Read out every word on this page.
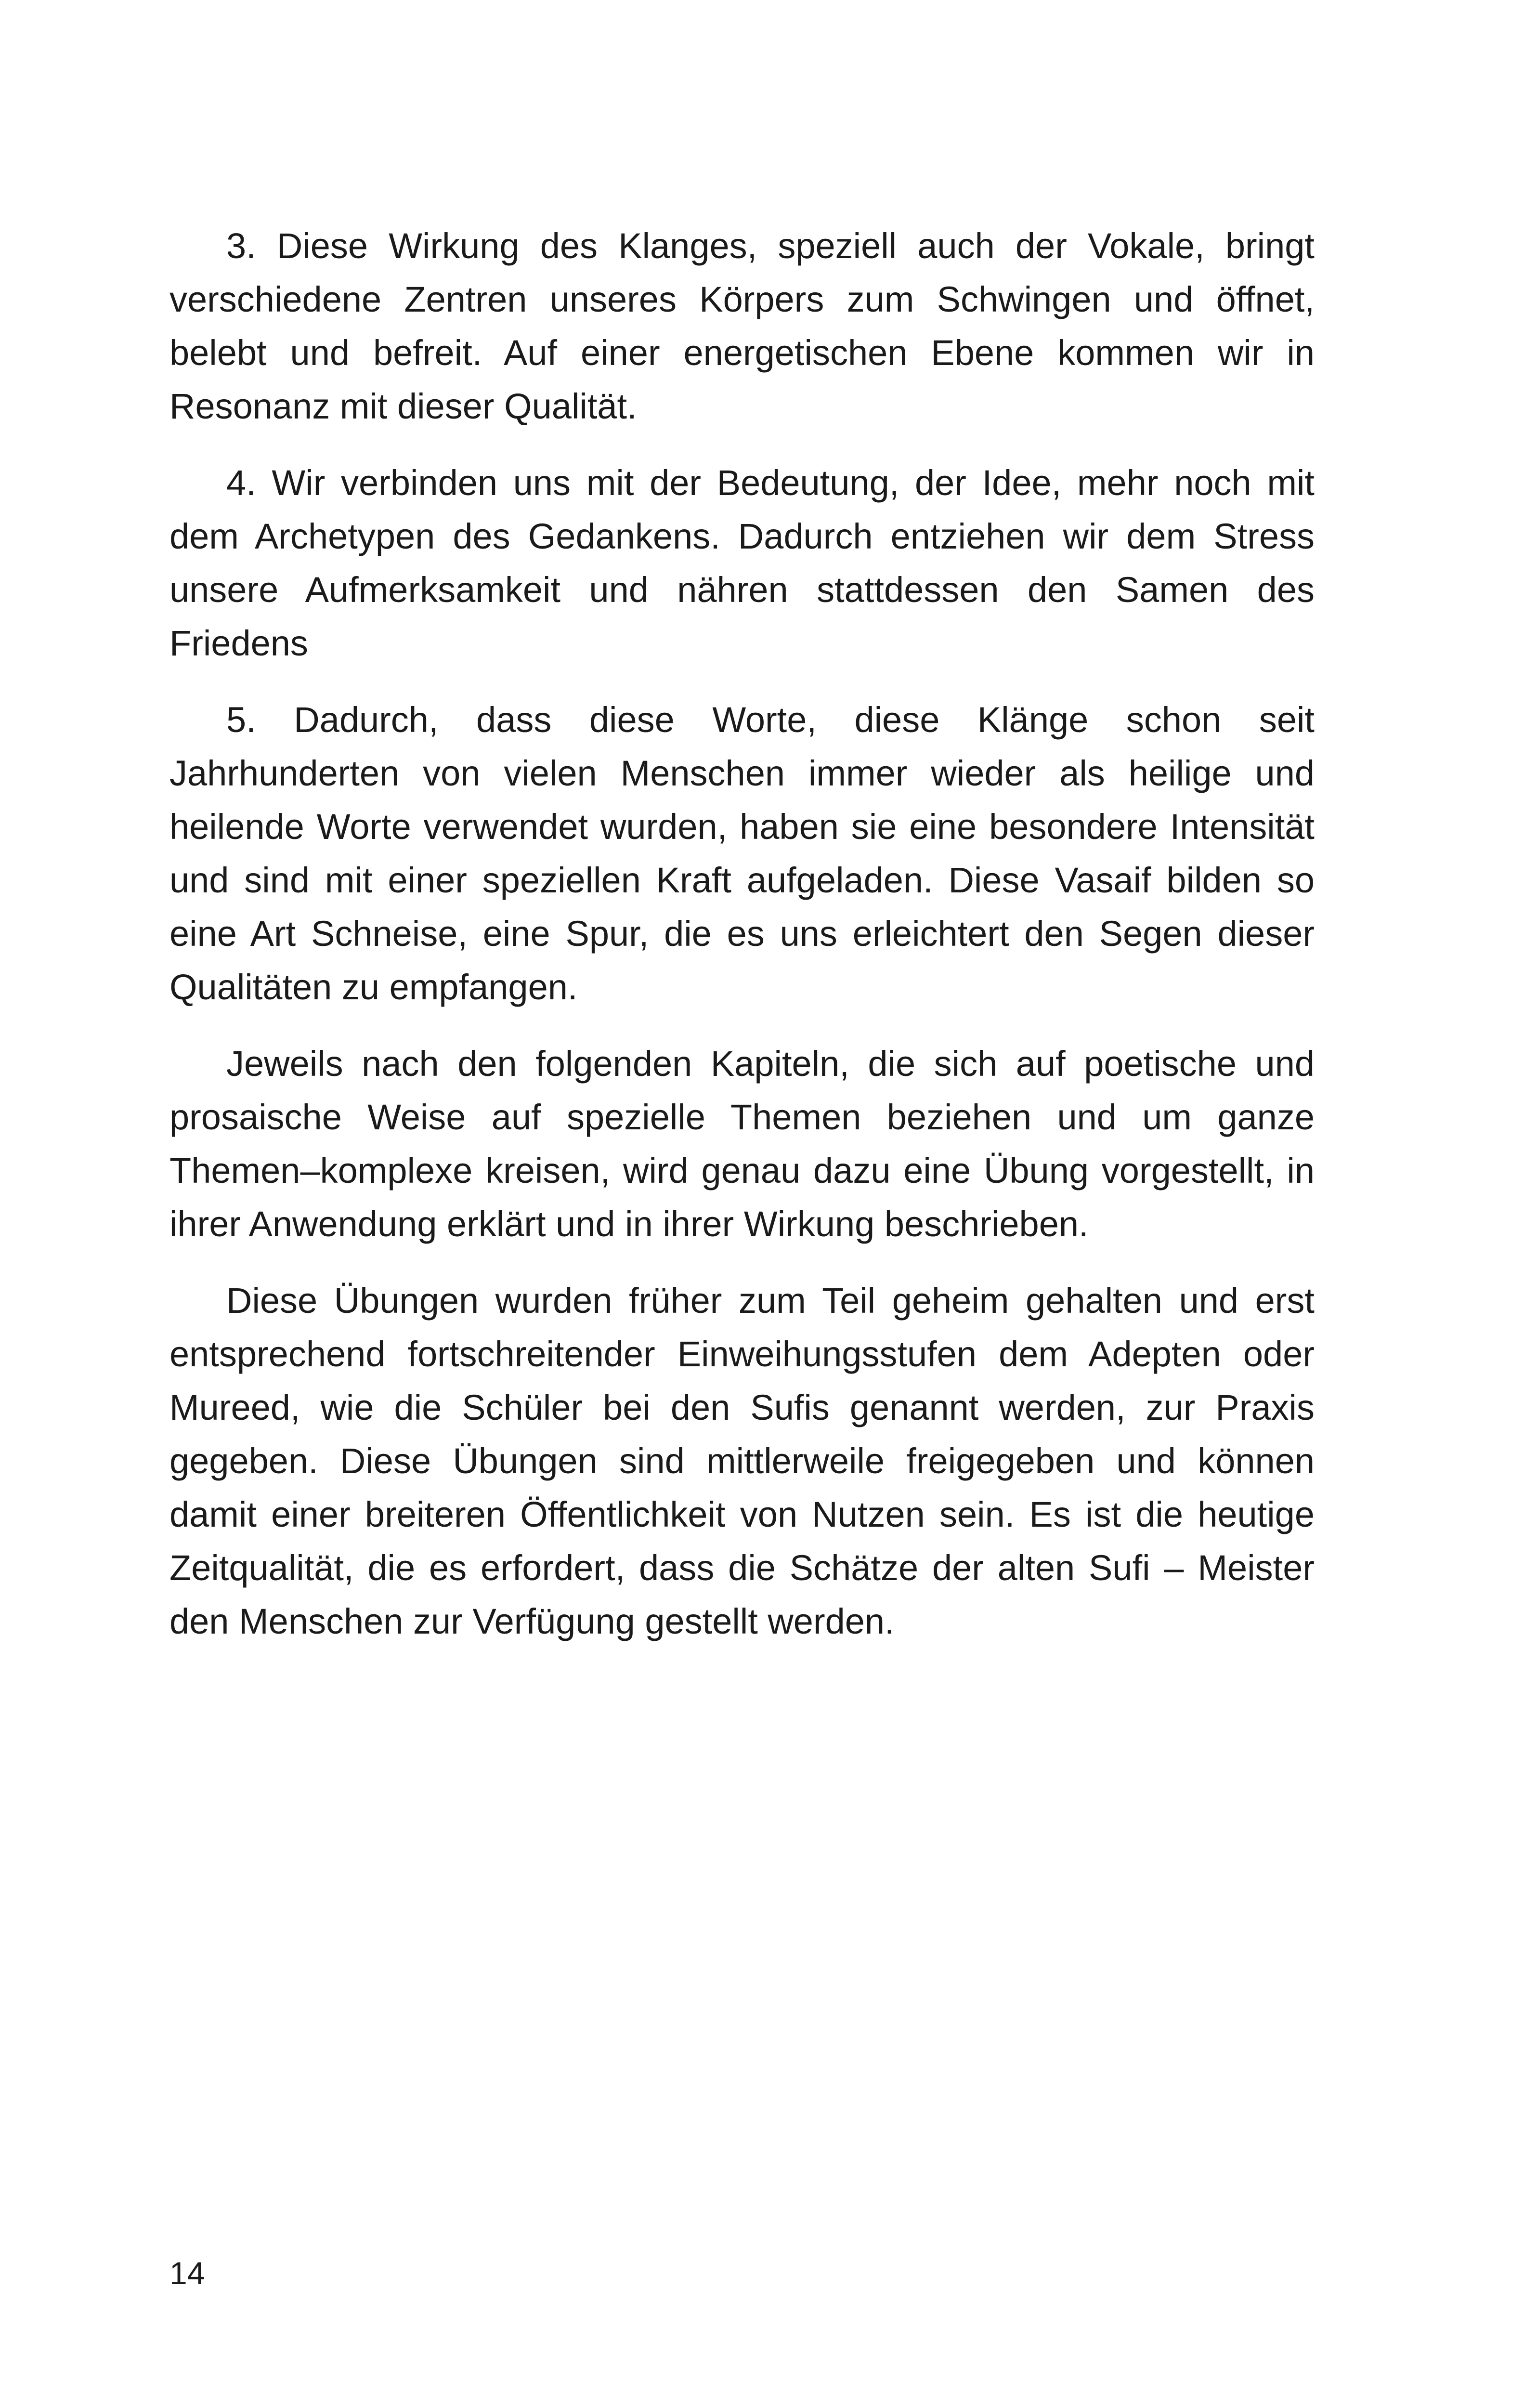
3. Diese Wirkung des Klanges, speziell auch der Vokale, bringt verschiedene Zentren unseres Körpers zum Schwingen und öffnet, belebt und befreit. Auf einer energetischen Ebene kommen wir in Resonanz mit dieser Qualität.

4. Wir verbinden uns mit der Bedeutung, der Idee, mehr noch mit dem Archetypen des Gedankens. Dadurch entziehen wir dem Stress unsere Aufmerksamkeit und nähren stattdessen den Samen des Friedens

5. Dadurch, dass diese Worte, diese Klänge schon seit Jahrhunderten von vielen Menschen immer wieder als heilige und heilende Worte verwendet wurden, haben sie eine besondere Intensität und sind mit einer speziellen Kraft aufgeladen. Diese Vasaif bilden so eine Art Schneise, eine Spur, die es uns erleichtert den Segen dieser Qualitäten zu empfangen.

Jeweils nach den folgenden Kapiteln, die sich auf poetische und prosaische Weise auf spezielle Themen beziehen und um ganze Themen–komplexe kreisen, wird genau dazu eine Übung vorgestellt, in ihrer Anwendung erklärt und in ihrer Wirkung beschrieben.

Diese Übungen wurden früher zum Teil geheim gehalten und erst entsprechend fortschreitender Einweihungsstufen dem Adepten oder Mureed, wie die Schüler bei den Sufis genannt werden, zur Praxis gegeben. Diese Übungen sind mittlerweile freigegeben und können damit einer breiteren Öffentlichkeit von Nutzen sein. Es ist die heutige Zeitqualität, die es erfordert, dass die Schätze der alten Sufi – Meister den Menschen zur Verfügung gestellt werden.

14
